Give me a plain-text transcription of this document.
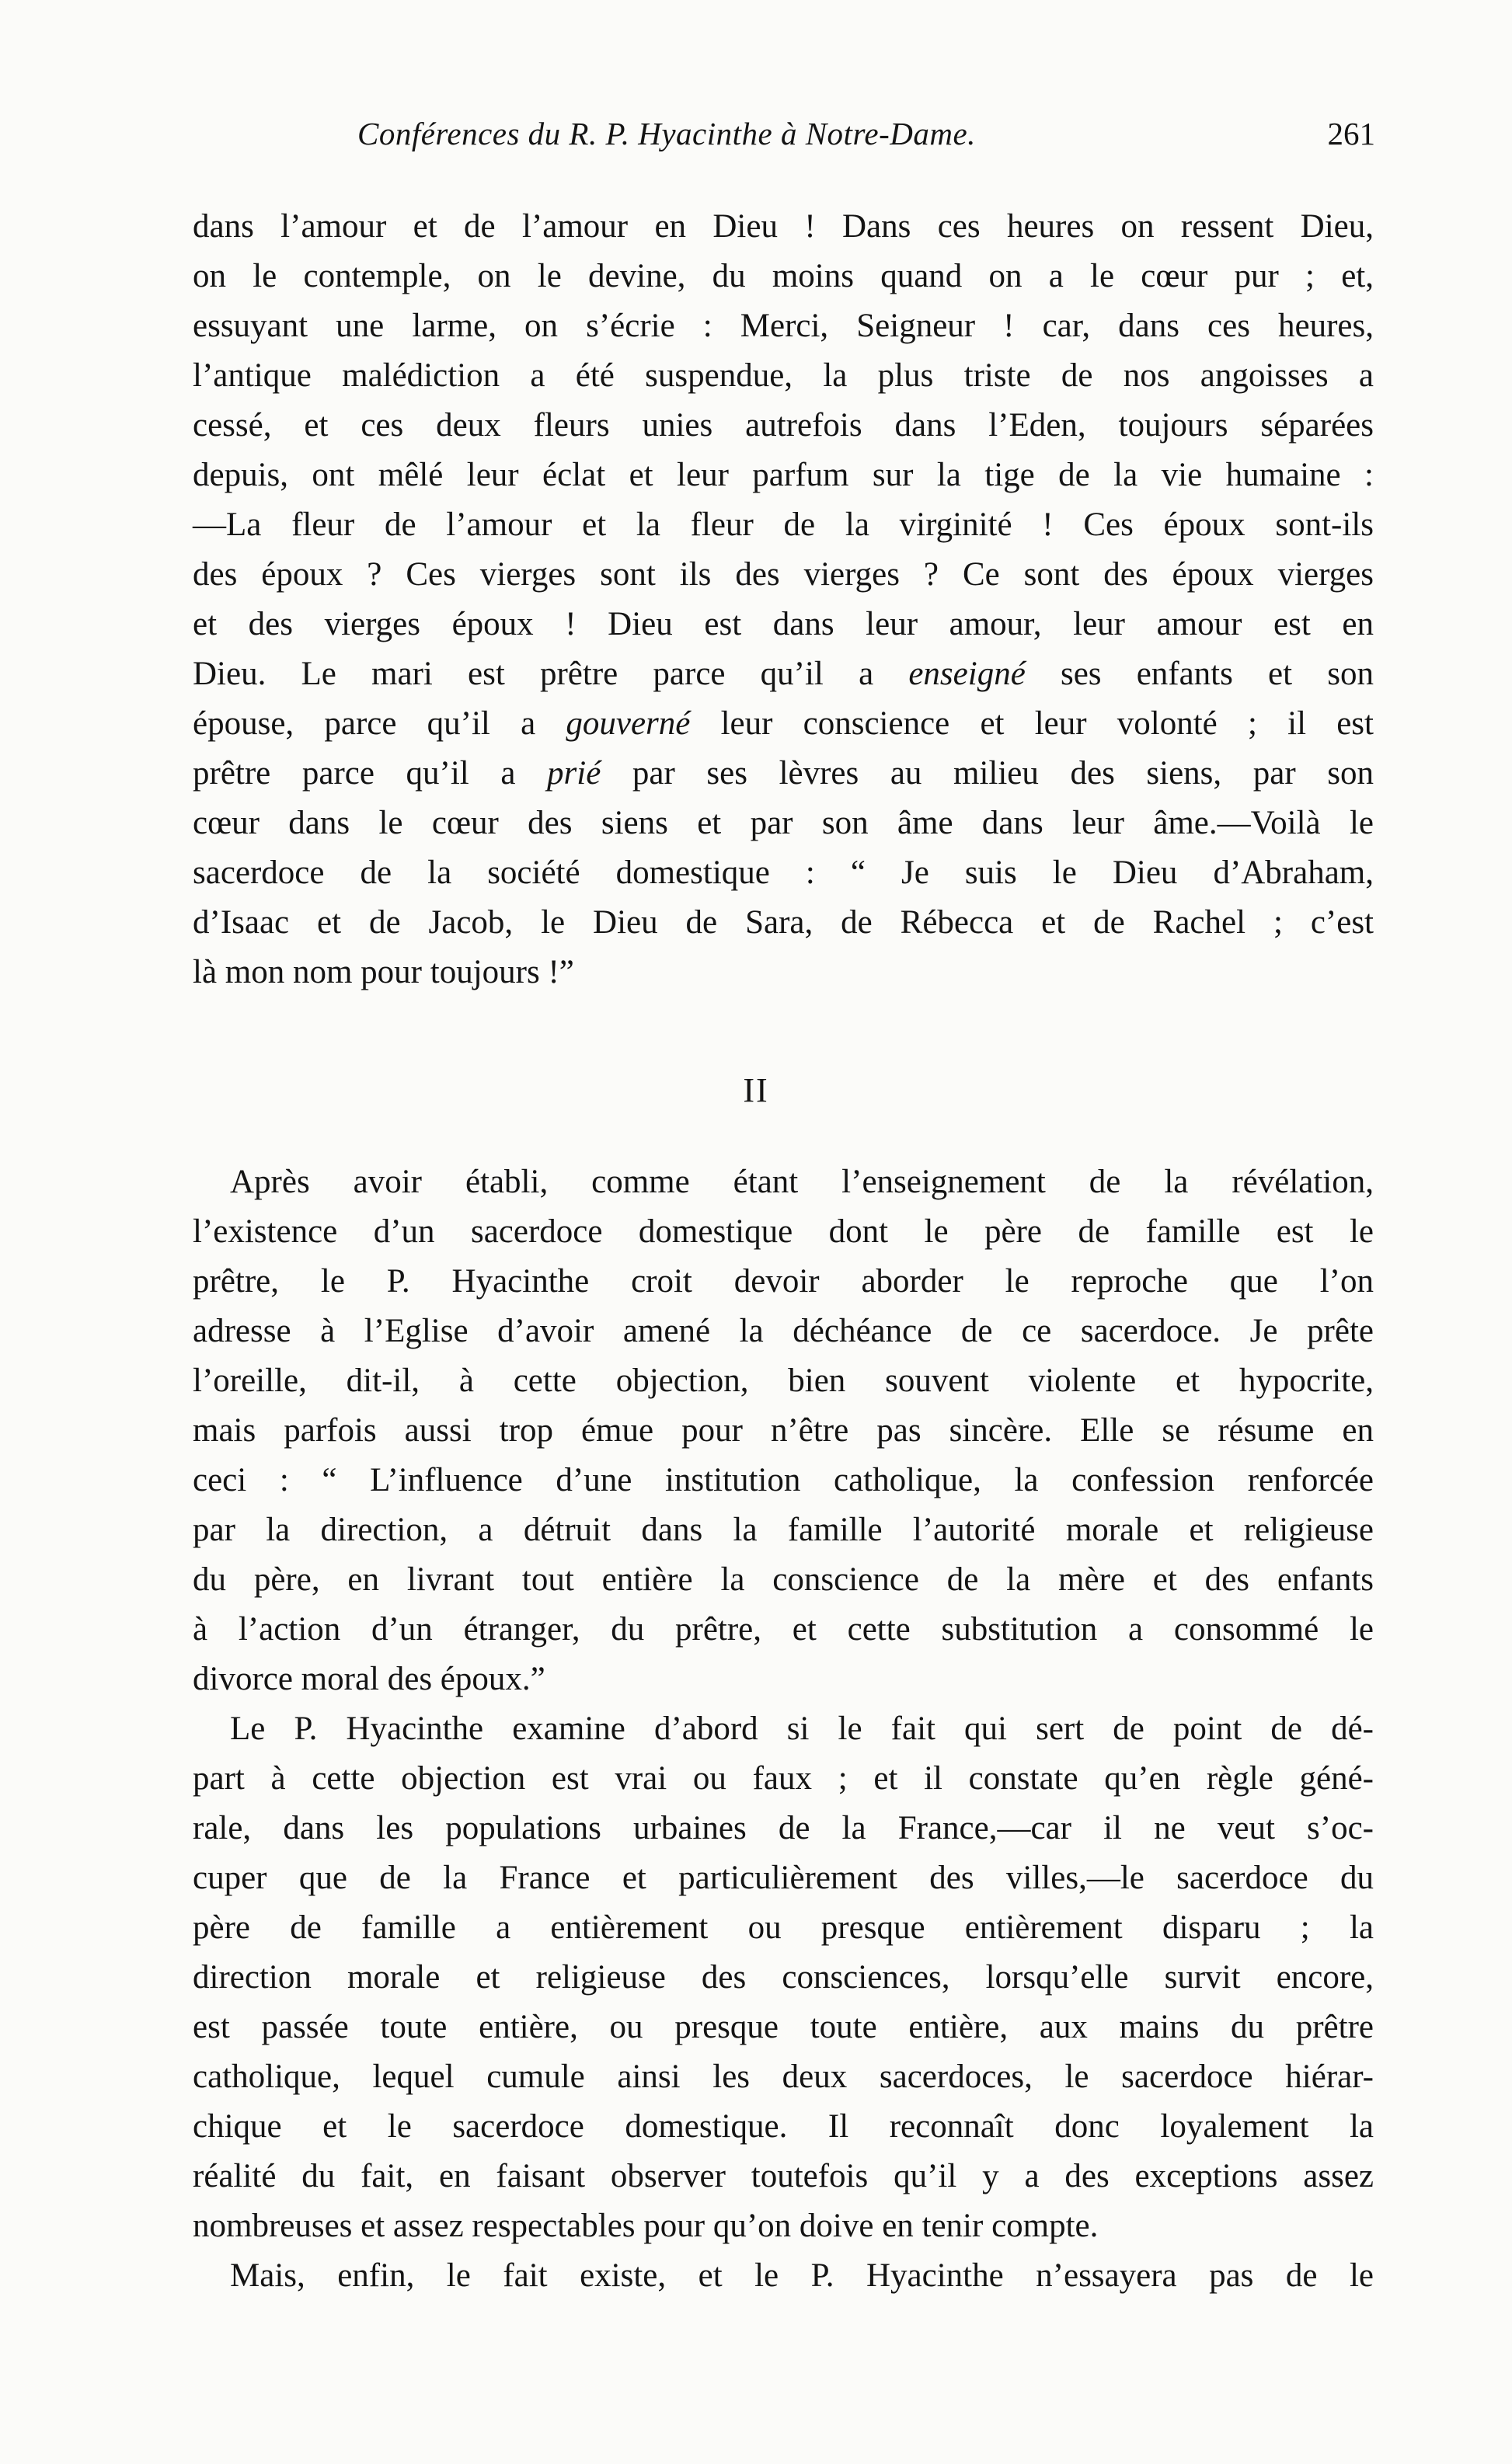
Conférences du R. P. Hyacinthe à Notre-Dame.	261
dans l’amour et de l’amour en Dieu ! Dans ces heures on ressent Dieu,
on le contemple, on le devine, du moins quand on a le cœur pur ; et,
essuyant une larme, on s’écrie : Merci, Seigneur ! car, dans ces heures,
l’antique malédiction a été suspendue, la plus triste de nos angoisses a
cessé, et ces deux fleurs unies autrefois dans l’Eden, toujours séparées
depuis, ont mêlé leur éclat et leur parfum sur la tige de la vie humaine :
—La fleur de l’amour et la fleur de la virginité ! Ces époux sont-ils
des époux ? Ces vierges sont ils des vierges ? Ce sont des époux vierges
et des vierges époux ! Dieu est dans leur amour, leur amour est en
Dieu. Le mari est prêtre parce qu’il a enseigné ses enfants et son
épouse, parce qu’il a gouverné leur conscience et leur volonté ; il est
prêtre parce qu’il a prié par ses lèvres au milieu des siens, par son
cœur dans le cœur des siens et par son âme dans leur âme.—Voilà le
sacerdoce de la société domestique : “ Je suis le Dieu d’Abraham,
d’Isaac et de Jacob, le Dieu de Sara, de Rébecca et de Rachel ; c’est
là mon nom pour toujours !”
II
Après avoir établi, comme étant l’enseignement de la révélation,
l’existence d’un sacerdoce domestique dont le père de famille est le
prêtre, le P. Hyacinthe croit devoir aborder le reproche que l’on
adresse à l’Eglise d’avoir amené la déchéance de ce sacerdoce. Je prête
l’oreille, dit-il, à cette objection, bien souvent violente et hypocrite,
mais parfois aussi trop émue pour n’être pas sincère. Elle se résume en
ceci : “ L’influence d’une institution catholique, la confession renforcée
par la direction, a détruit dans la famille l’autorité morale et religieuse
du père, en livrant tout entière la conscience de la mère et des enfants
à l’action d’un étranger, du prêtre, et cette substitution a consommé le
divorce moral des époux.”
Le P. Hyacinthe examine d’abord si le fait qui sert de point de dé-
part à cette objection est vrai ou faux ; et il constate qu’en règle géné-
rale, dans les populations urbaines de la France,—car il ne veut s’oc-
cuper que de la France et particulièrement des villes,—le sacerdoce du
père de famille a entièrement ou presque entièrement disparu ; la
direction morale et religieuse des consciences, lorsqu’elle survit encore,
est passée toute entière, ou presque toute entière, aux mains du prêtre
catholique, lequel cumule ainsi les deux sacerdoces, le sacerdoce hiérar-
chique et le sacerdoce domestique. Il reconnaît donc loyalement la
réalité du fait, en faisant observer toutefois qu’il y a des exceptions assez
nombreuses et assez respectables pour qu’on doive en tenir compte.
Mais, enfin, le fait existe, et le P. Hyacinthe n’essayera pas de le
